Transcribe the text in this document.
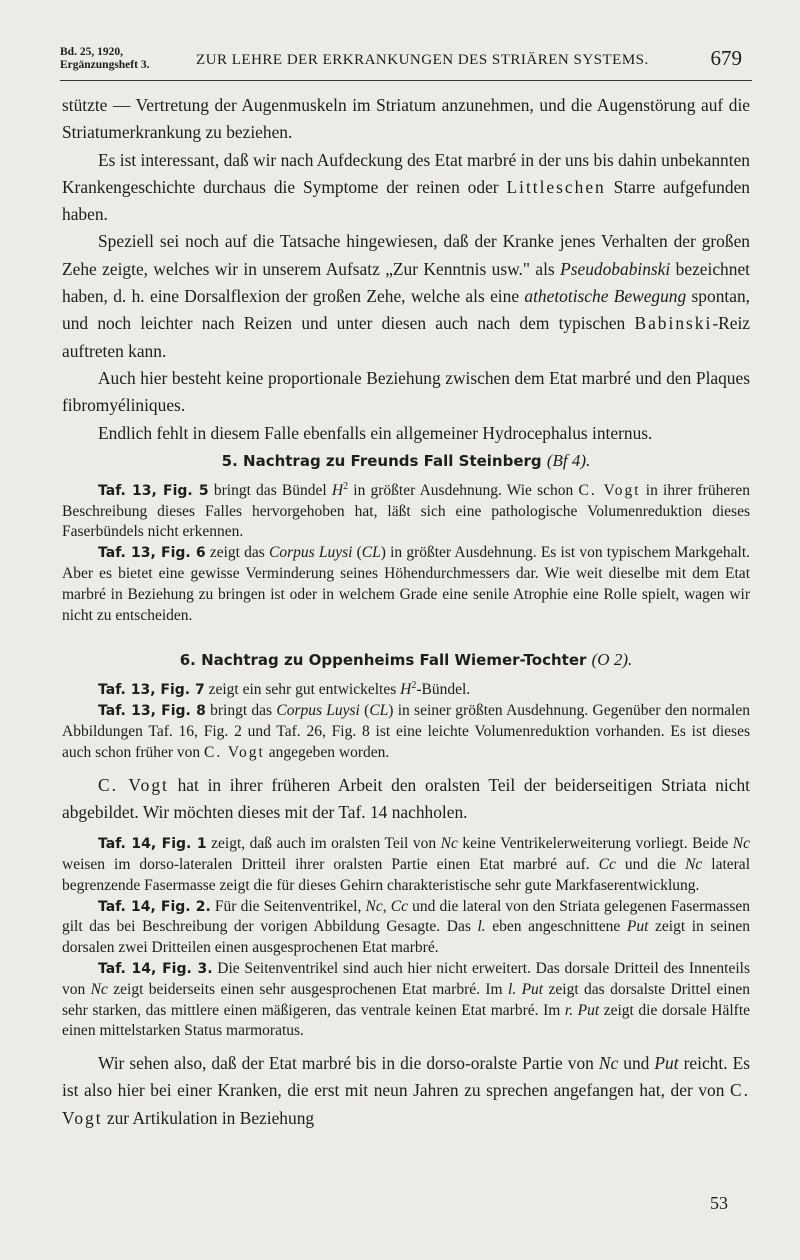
Bd. 25, 1920,
Ergänzungsheft 3.	ZUR LEHRE DER ERKRANKUNGEN DES STRIÄREN SYSTEMS.	679

stützte — Vertretung der Augenmuskeln im Striatum anzunehmen, und die Augenstörung auf die Striatumerkrankung zu beziehen.

Es ist interessant, daß wir nach Aufdeckung des Etat marbré in der uns bis dahin unbekannten Krankengeschichte durchaus die Symptome der reinen oder Littleschen Starre aufgefunden haben.

Speziell sei noch auf die Tatsache hingewiesen, daß der Kranke jenes Verhalten der großen Zehe zeigte, welches wir in unserem Aufsatz „Zur Kenntnis usw." als Pseudobabinski bezeichnet haben, d. h. eine Dorsalflexion der großen Zehe, welche als eine athetotische Bewegung spontan, und noch leichter nach Reizen und unter diesen auch nach dem typischen Babinski-Reiz auftreten kann.

Auch hier besteht keine proportionale Beziehung zwischen dem Etat marbré und den Plaques fibromyéliniques.

Endlich fehlt in diesem Falle ebenfalls ein allgemeiner Hydrocephalus internus.

5. Nachtrag zu Freunds Fall Steinberg (Bf 4).

Taf. 13, Fig. 5 bringt das Bündel $H^2$ in größter Ausdehnung. Wie schon C. Vogt in ihrer früheren Beschreibung dieses Falles hervorgehoben hat, läßt sich eine pathologische Volumenreduktion dieses Faserbündels nicht erkennen.

Taf. 13, Fig. 6 zeigt das Corpus Luysi (CL) in größter Ausdehnung. Es ist von typischem Markgehalt. Aber es bietet eine gewisse Verminderung seines Höhendurchmessers dar. Wie weit dieselbe mit dem Etat marbré in Beziehung zu bringen ist oder in welchem Grade eine senile Atrophie eine Rolle spielt, wagen wir nicht zu entscheiden.

6. Nachtrag zu Oppenheims Fall Wiemer-Tochter (O 2).

Taf. 13, Fig. 7 zeigt ein sehr gut entwickeltes $H^2$-Bündel.

Taf. 13, Fig. 8 bringt das Corpus Luysi (CL) in seiner größten Ausdehnung. Gegenüber den normalen Abbildungen Taf. 16, Fig. 2 und Taf. 26, Fig. 8 ist eine leichte Volumenreduktion vorhanden. Es ist dieses auch schon früher von C. Vogt angegeben worden.

C. Vogt hat in ihrer früheren Arbeit den oralsten Teil der beiderseitigen Striata nicht abgebildet. Wir möchten dieses mit der Taf. 14 nachholen.

Taf. 14, Fig. 1 zeigt, daß auch im oralsten Teil von Nc keine Ventrikelerweiterung vorliegt. Beide Nc weisen im dorso-lateralen Dritteil ihrer oralsten Partie einen Etat marbré auf. Cc und die Nc lateral begrenzende Fasermasse zeigt die für dieses Gehirn charakteristische sehr gute Markfaserentwicklung.

Taf. 14, Fig. 2. Für die Seitenventrikel, Nc, Cc und die lateral von den Striata gelegenen Fasermassen gilt das bei Beschreibung der vorigen Abbildung Gesagte. Das l. eben angeschnittene Put zeigt in seinen dorsalen zwei Dritteilen einen ausgesprochenen Etat marbré.

Taf. 14, Fig. 3. Die Seitenventrikel sind auch hier nicht erweitert. Das dorsale Dritteil des Innenteils von Nc zeigt beiderseits einen sehr ausgesprochenen Etat marbré. Im l. Put zeigt das dorsalste Drittel einen sehr starken, das mittlere einen mäßigeren, das ventrale keinen Etat marbré. Im r. Put zeigt die dorsale Hälfte einen mittelstarken Status marmoratus.

Wir sehen also, daß der Etat marbré bis in die dorso-oralste Partie von Nc und Put reicht. Es ist also hier bei einer Kranken, die erst mit neun Jahren zu sprechen angefangen hat, der von C. Vogt zur Artikulation in Beziehung

53
